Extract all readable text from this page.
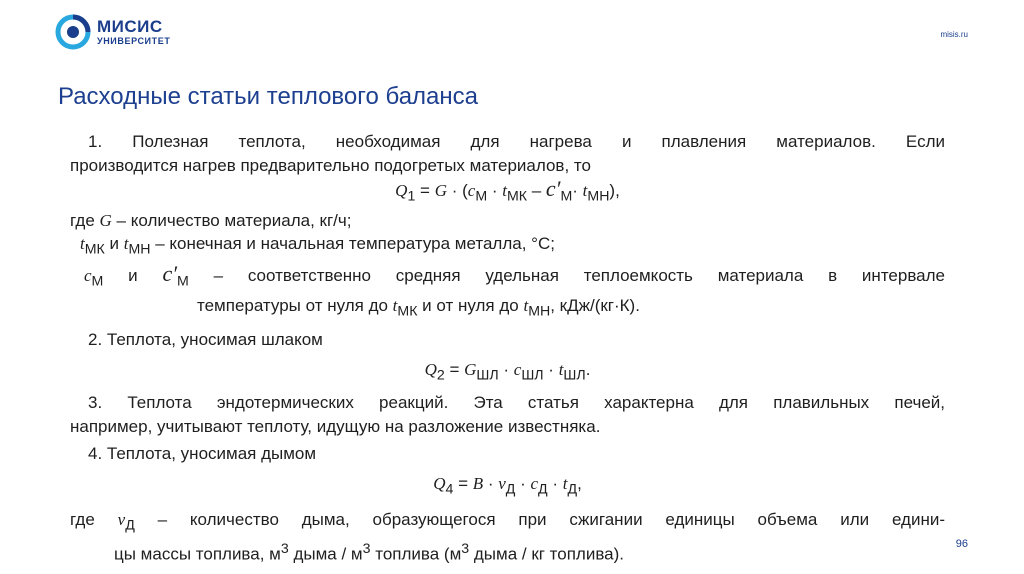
МИСИС
УНИВЕРСИТЕТ
misis.ru
Расходные статьи теплового баланса
1. Полезная теплота, необходимая для нагрева и плавления материалов. Если
производится нагрев предварительно подогретых материалов, то
$Q_1 = G \cdot (c_М \cdot t_{МК} - c'_М\cdot t_{МН})$,
где G – количество материала, кг/ч;
$t_{МК}$ и $t_{МН}$ – конечная и начальная температура металла, °С;
$c_М$ и $c'_М$ – соответственно средняя удельная теплоемкость материала в интервале
температуры от нуля до $t_{МК}$ и от нуля до $t_{МН}$, кДж/(кг·К).
2. Теплота, уносимая шлаком
$Q_2 = G_{ШЛ} \cdot c_{ШЛ} \cdot t_{ШЛ}$.
3. Теплота эндотермических реакций. Эта статья характерна для плавильных печей,
например, учитывают теплоту, идущую на разложение известняка.
4. Теплота, уносимая дымом
$Q_4 = B \cdot v_Д \cdot c_Д \cdot t_Д$,
где $v_Д$ – количество дыма, образующегося при сжигании единицы объема или едини-
цы массы топлива, $м^3$ дыма / $м^3$ топлива ($м^3$ дыма / кг топлива).
96
